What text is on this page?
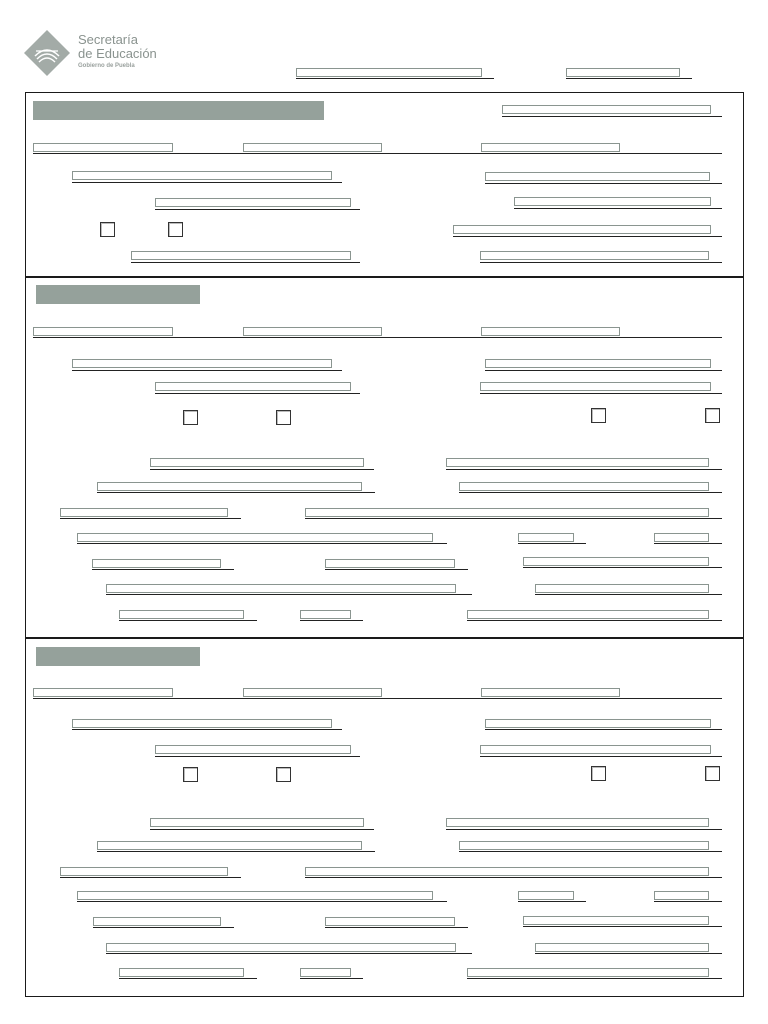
Secretaría
de Educación
Gobierno de Puebla
